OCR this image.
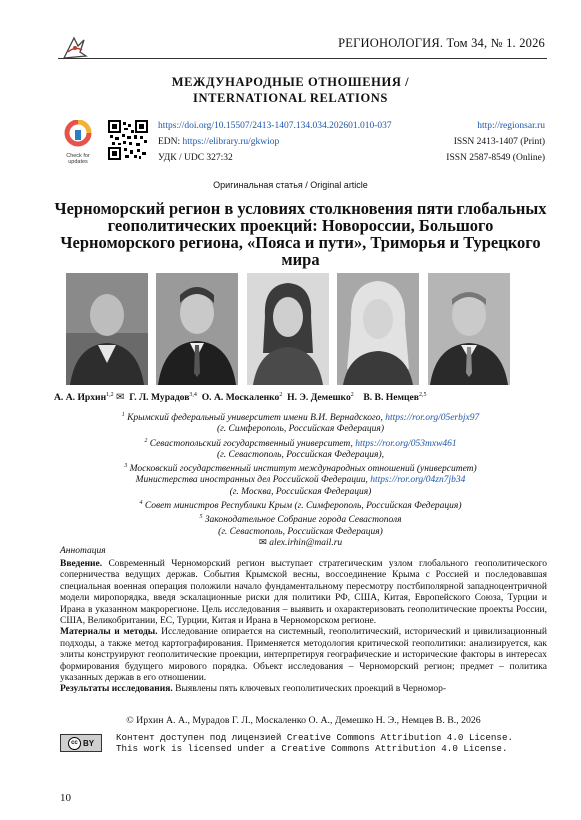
РЕГИОНОЛОГИЯ. Том 34, № 1. 2026
МЕЖДУНАРОДНЫЕ ОТНОШЕНИЯ /
INTERNATIONAL RELATIONS
Check for updates
https://doi.org/10.15507/2413-1407.134.034.202601.010-037
EDN: https://elibrary.ru/gkwiop
УДК / UDC 327:32
http://regionsar.ru
ISSN 2413-1407 (Print)
ISSN 2587-8549 (Online)
Оригинальная статья / Original article
Черноморский регион в условиях столкновения пяти глобальных геополитических проекций: Новороссии, Большого Черноморского региона, «Пояса и пути», Триморья и Турецкого мира
А. А. Ирхин$^{1,2}$ ✉ Г. Л. Мурадов$^{3,4}$ О. А. Москаленко$^2$ Н. Э. Демешко$^2$ В. В. Немцев$^{2,5}$
$^1$ Крымский федеральный университет имени В.И. Вернадского, https://ror.org/05erbjx97
(г. Симферополь, Российская Федерация)
$^2$ Севастопольский государственный университет, https://ror.org/053mxw461
(г. Севастополь, Российская Федерация),
$^3$ Московский государственный институт международных отношений (университет)
Министерства иностранных дел Российской Федерации, https://ror.org/04zn7jb34
(г. Москва, Российская Федерация)
$^4$ Совет министров Республики Крым (г. Симферополь, Российская Федерация)
$^5$ Законодательное Собрание города Севастополя
(г. Севастополь, Российская Федерация)
✉ alex.irhin@mail.ru
Аннотация

Введение. Современный Черноморский регион выступает стратегическим узлом глобального геополитического соперничества ведущих держав. События Крымской весны, воссоединение Крыма с Россией и последовавшая специальная военная операция положили начало фундаментальному пересмотру постбиполярной западноцентричной модели миропорядка, введя эскалационные риски для политики РФ, США, Китая, Европейского Союза, Турции и Ирана в указанном макрорегионе. Цель исследования – выявить и охарактеризовать геополитические проекты России, США, Великобритании, ЕС, Турции, Китая и Ирана в Черноморском регионе.

Материалы и методы. Исследование опирается на системный, геополитический, исторический и цивилизационный подходы, а также метод картографирования. Применяется методология критической геополитики: анализируется, как элиты конструируют геополитические проекции, интерпретируя географические и исторические факторы в интересах формирования будущего мирового порядка. Объект исследования – Черноморский регион; предмет – политика указанных держав в его отношении.

Результаты исследования. Выявлены пять ключевых геополитических проекций в Черномор-

© Ирхин А. А., Мурадов Г. Л., Москаленко О. А., Демешко Н. Э., Немцев В. В., 2026
cc BY Контент доступен под лицензией Creative Commons Attribution 4.0 License.
This work is licensed under a Creative Commons Attribution 4.0 License.
10
